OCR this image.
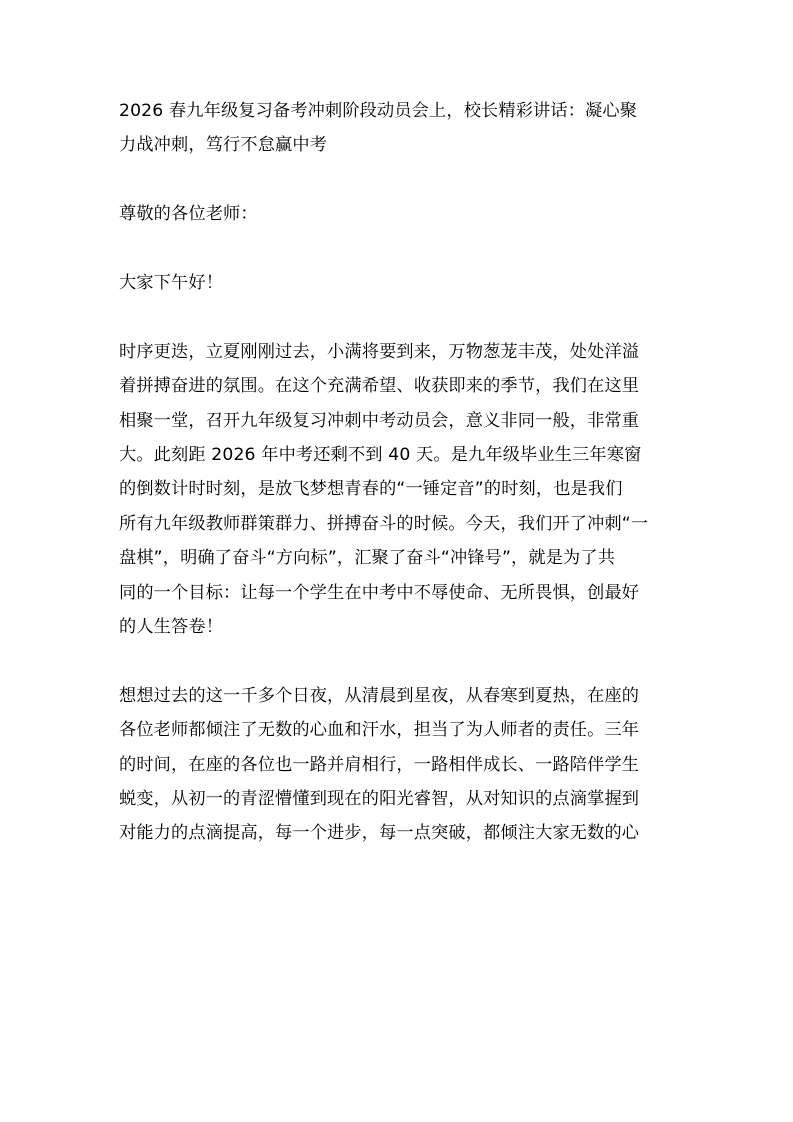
2026 春九年级复习备考冲刺阶段动员会上，校长精彩讲话：凝心聚
力战冲刺，笃行不怠赢中考

尊敬的各位老师：

大家下午好！

时序更迭，立夏刚刚过去，小满将要到来，万物葱茏丰茂，处处洋溢
着拼搏奋进的氛围。在这个充满希望、收获即来的季节，我们在这里
相聚一堂，召开九年级复习冲刺中考动员会，意义非同一般，非常重
大。此刻距 2026 年中考还剩不到 40 天。是九年级毕业生三年寒窗
的倒数计时时刻，是放飞梦想青春的“一锤定音”的时刻，也是我们
所有九年级教师群策群力、拼搏奋斗的时候。今天，我们开了冲刺“一
盘棋”，明确了奋斗“方向标”，汇聚了奋斗“冲锋号”，就是为了共
同的一个目标：让每一个学生在中考中不辱使命、无所畏惧，创最好
的人生答卷！

想想过去的这一千多个日夜，从清晨到星夜，从春寒到夏热，在座的
各位老师都倾注了无数的心血和汗水，担当了为人师者的责任。三年
的时间，在座的各位也一路并肩相行，一路相伴成长、一路陪伴学生
蜕变，从初一的青涩懵懂到现在的阳光睿智，从对知识的点滴掌握到
对能力的点滴提高，每一个进步，每一点突破，都倾注大家无数的心
